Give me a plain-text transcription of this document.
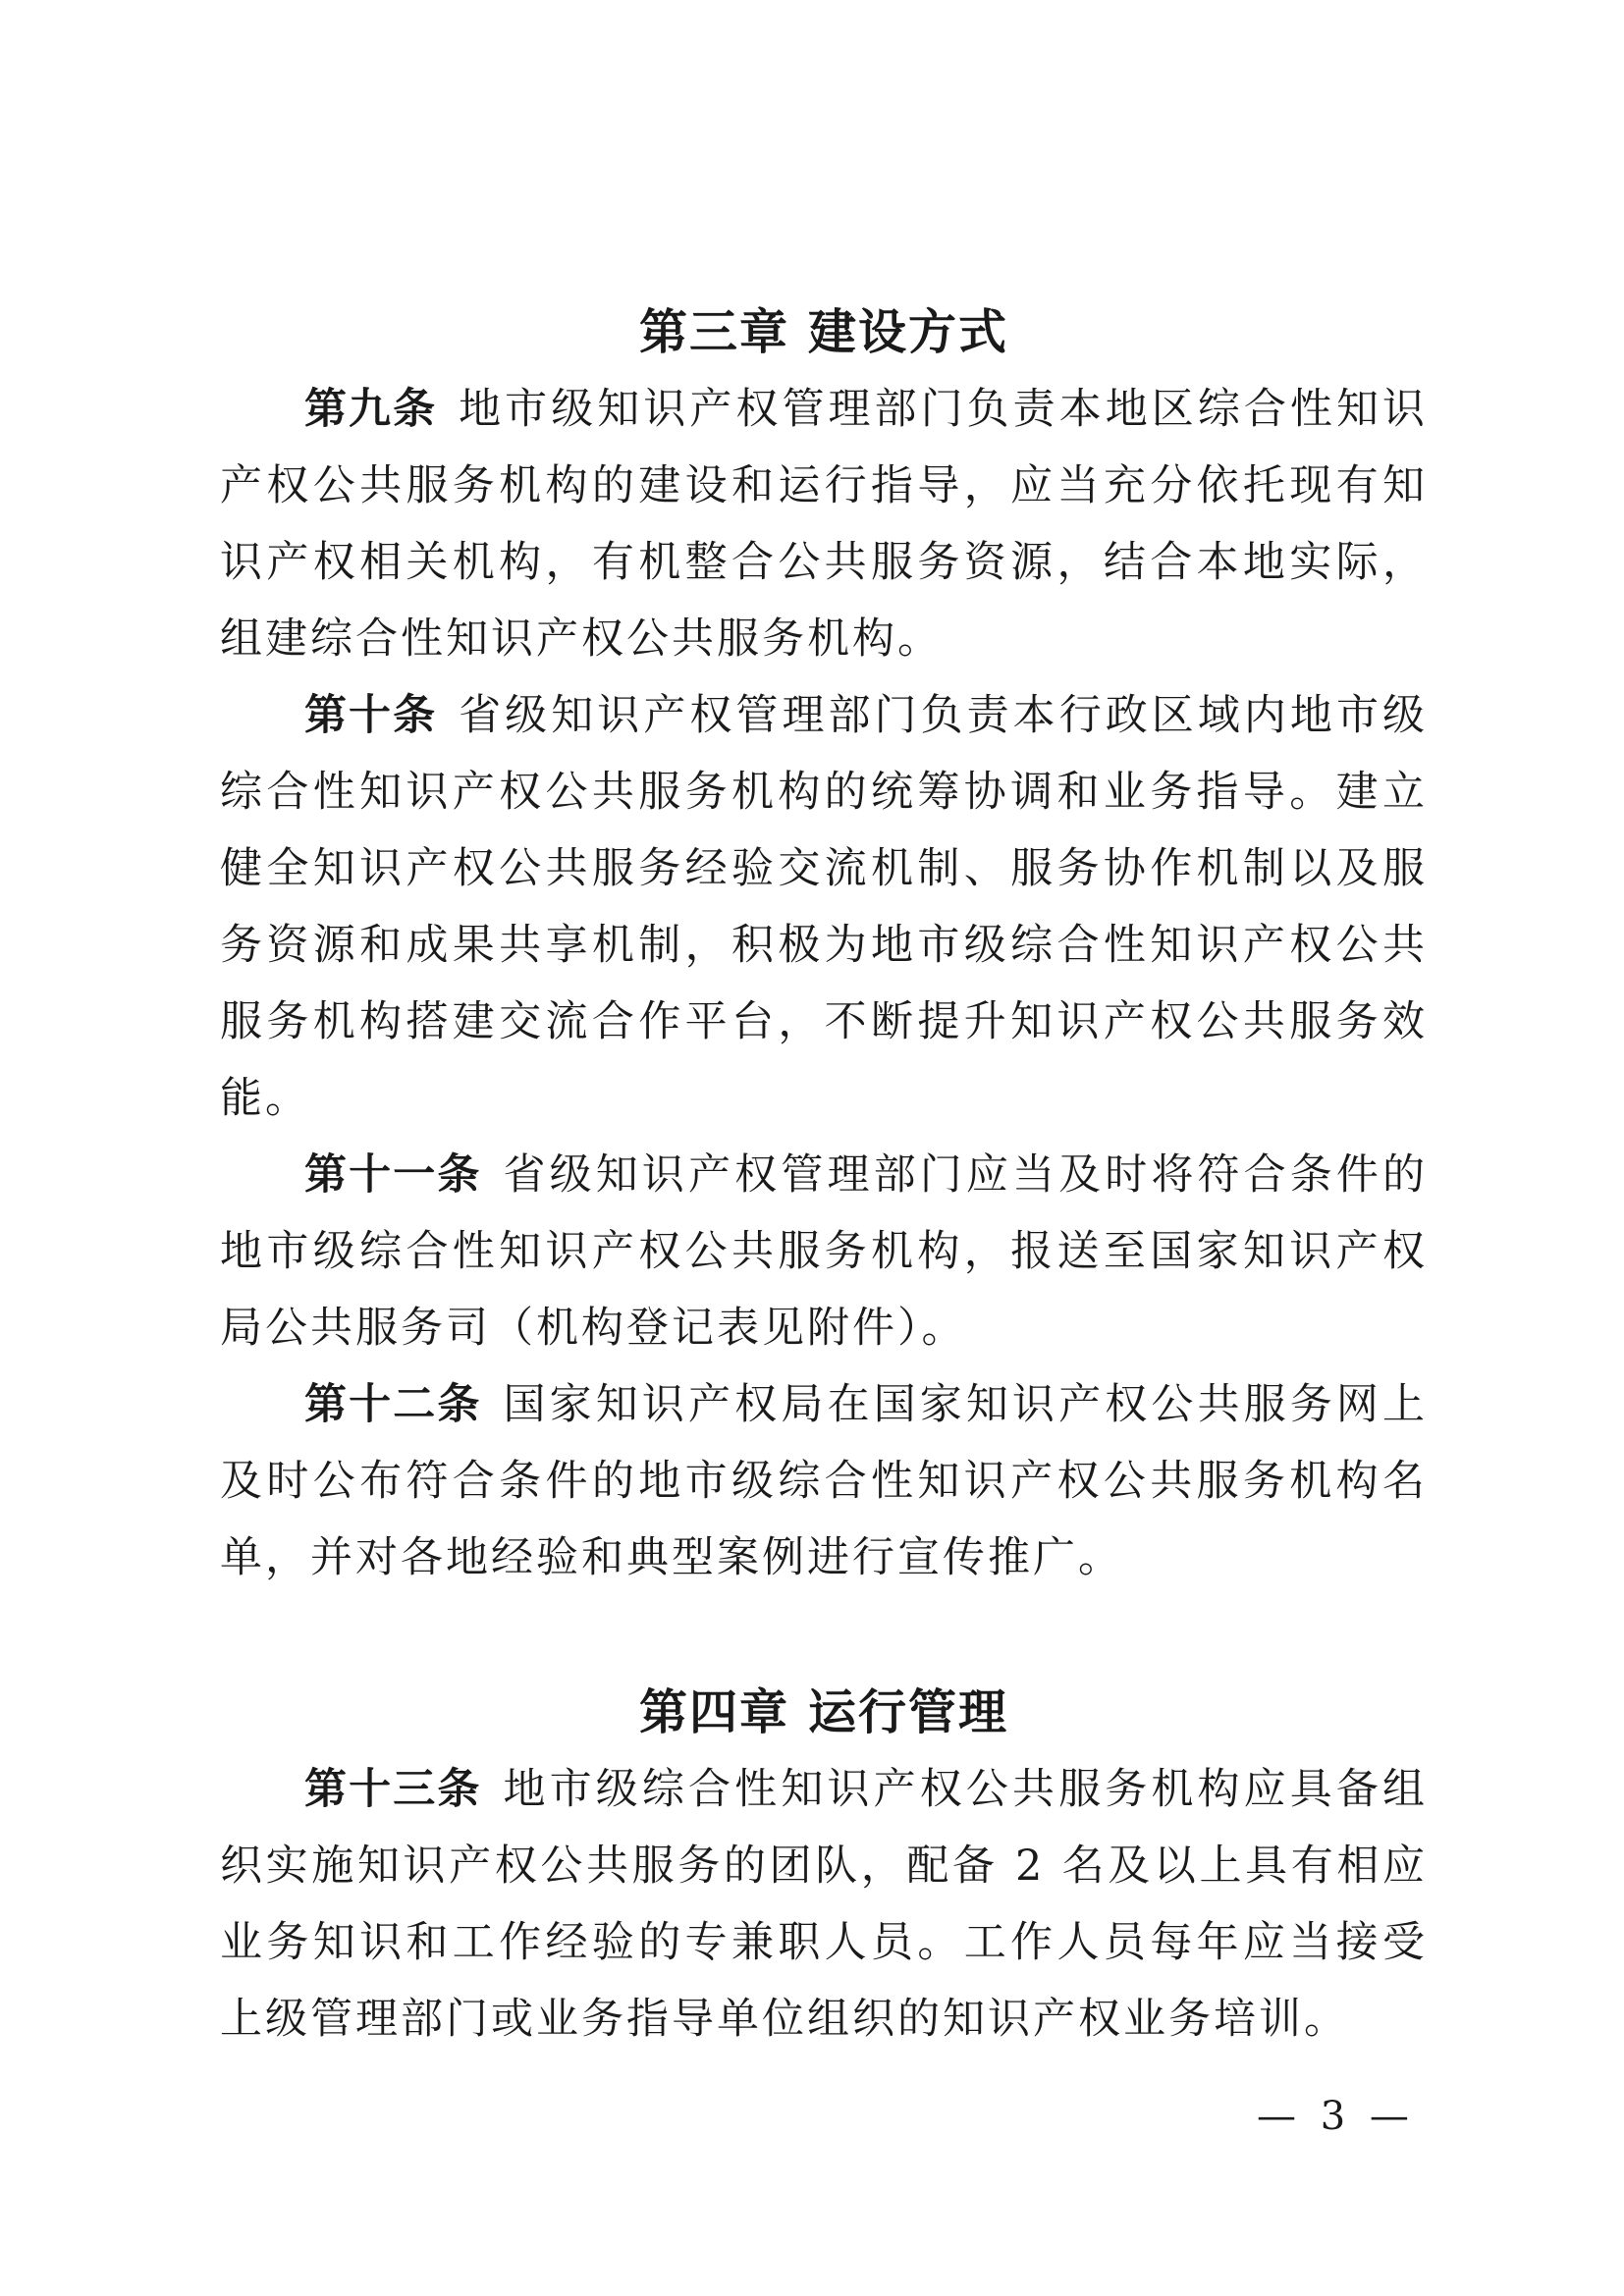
第三章 建设方式

第九条 地市级知识产权管理部门负责本地区综合性知识产权公共服务机构的建设和运行指导，应当充分依托现有知识产权相关机构，有机整合公共服务资源，结合本地实际，组建综合性知识产权公共服务机构。

第十条 省级知识产权管理部门负责本行政区域内地市级综合性知识产权公共服务机构的统筹协调和业务指导。建立健全知识产权公共服务经验交流机制、服务协作机制以及服务资源和成果共享机制，积极为地市级综合性知识产权公共服务机构搭建交流合作平台，不断提升知识产权公共服务效能。

第十一条 省级知识产权管理部门应当及时将符合条件的地市级综合性知识产权公共服务机构，报送至国家知识产权局公共服务司（机构登记表见附件）。

第十二条 国家知识产权局在国家知识产权公共服务网上及时公布符合条件的地市级综合性知识产权公共服务机构名单，并对各地经验和典型案例进行宣传推广。

第四章 运行管理

第十三条 地市级综合性知识产权公共服务机构应具备组织实施知识产权公共服务的团队，配备 2 名及以上具有相应业务知识和工作经验的专兼职人员。工作人员每年应当接受上级管理部门或业务指导单位组织的知识产权业务培训。

— 3 —
